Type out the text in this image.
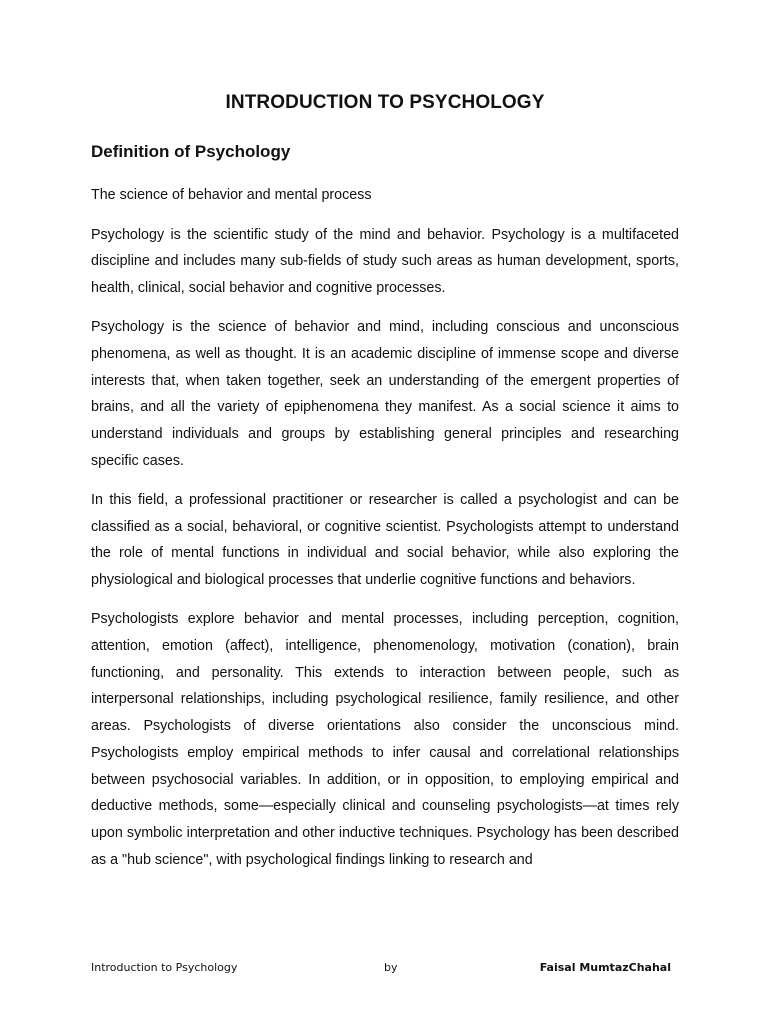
INTRODUCTION TO PSYCHOLOGY
Definition of Psychology

The science of behavior and mental process

Psychology is the scientific study of the mind and behavior. Psychology is a multifaceted discipline and includes many sub-fields of study such areas as human development, sports, health, clinical, social behavior and cognitive processes.

Psychology is the science of behavior and mind, including conscious and unconscious phenomena, as well as thought. It is an academic discipline of immense scope and diverse interests that, when taken together, seek an understanding of the emergent properties of brains, and all the variety of epiphenomena they manifest. As a social science it aims to understand individuals and groups by establishing general principles and researching specific cases.

In this field, a professional practitioner or researcher is called a psychologist and can be classified as a social, behavioral, or cognitive scientist. Psychologists attempt to understand the role of mental functions in individual and social behavior, while also exploring the physiological and biological processes that underlie cognitive functions and behaviors.

Psychologists explore behavior and mental processes, including perception, cognition, attention, emotion (affect), intelligence, phenomenology, motivation (conation), brain functioning, and personality. This extends to interaction between people, such as interpersonal relationships, including psychological resilience, family resilience, and other areas. Psychologists of diverse orientations also consider the unconscious mind. Psychologists employ empirical methods to infer causal and correlational relationships between psychosocial variables. In addition, or in opposition, to employing empirical and deductive methods, some—especially clinical and counseling psychologists—at times rely upon symbolic interpretation and other inductive techniques. Psychology has been described as a "hub science", with psychological findings linking to research and

Introduction to Psychology	by	Faisal MumtazChahal
